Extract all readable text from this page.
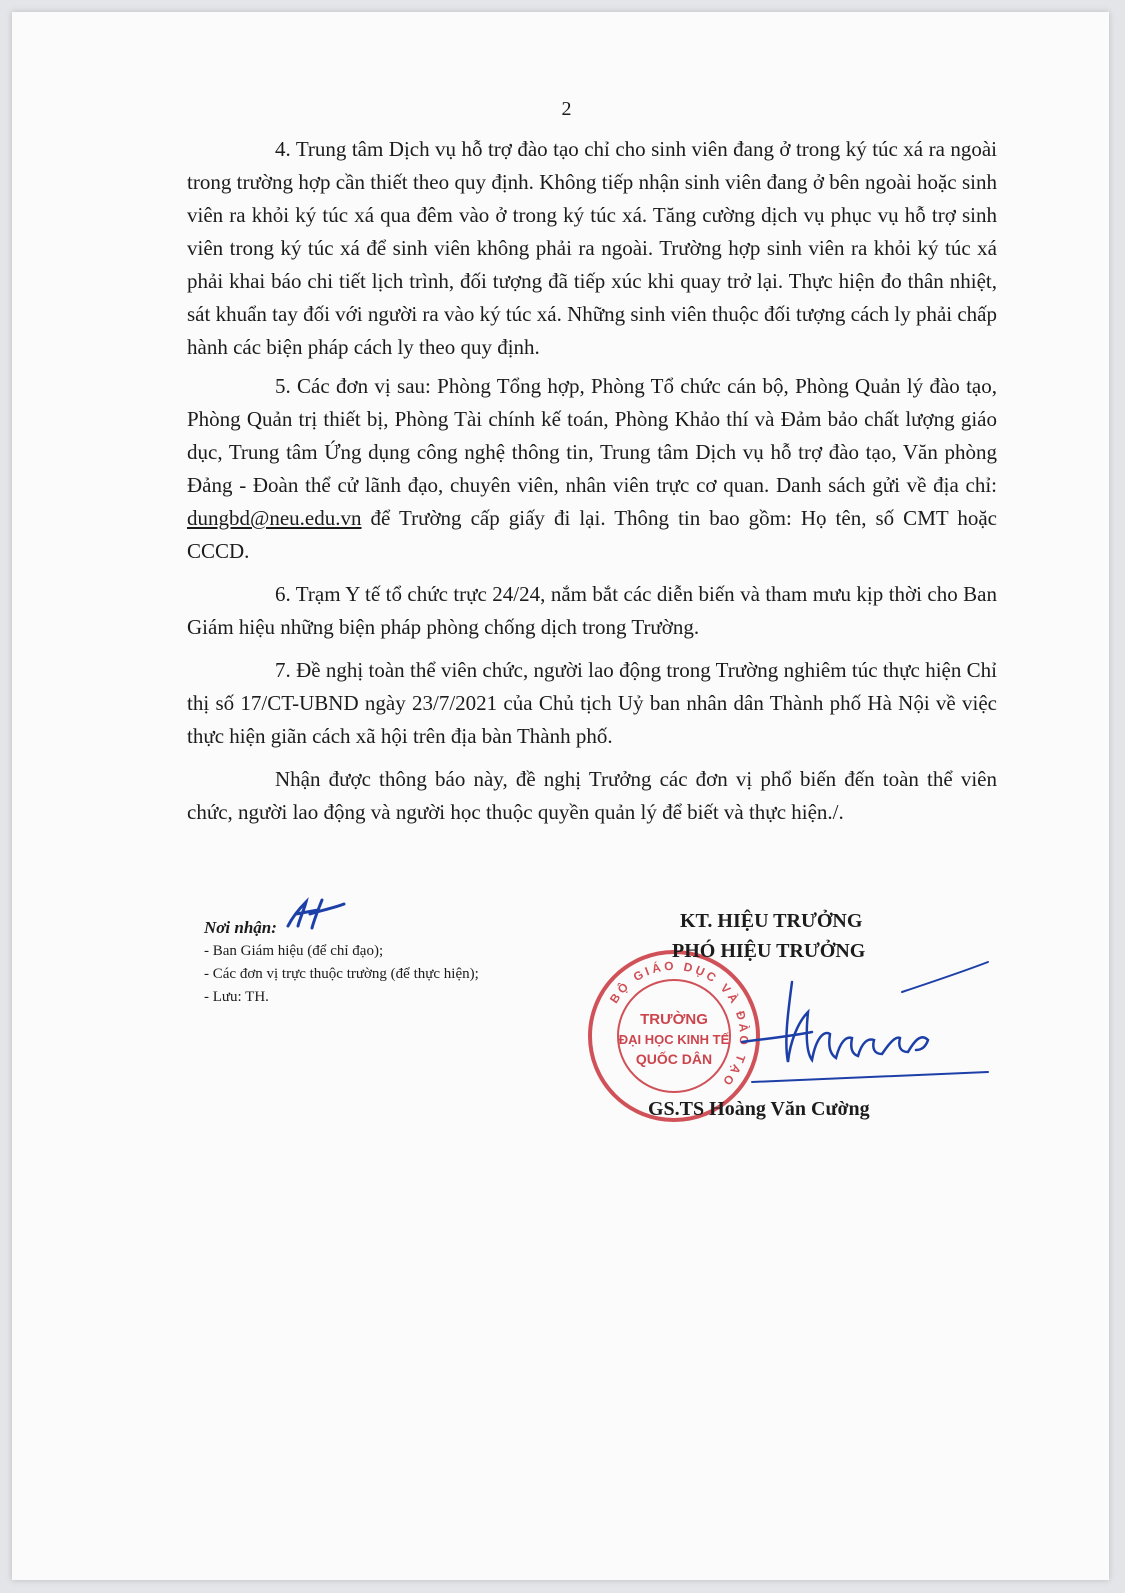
2

4. Trung tâm Dịch vụ hỗ trợ đào tạo chỉ cho sinh viên đang ở trong ký túc xá ra ngoài trong trường hợp cần thiết theo quy định. Không tiếp nhận sinh viên đang ở bên ngoài hoặc sinh viên ra khỏi ký túc xá qua đêm vào ở trong ký túc xá. Tăng cường dịch vụ phục vụ hỗ trợ sinh viên trong ký túc xá để sinh viên không phải ra ngoài. Trường hợp sinh viên ra khỏi ký túc xá phải khai báo chi tiết lịch trình, đối tượng đã tiếp xúc khi quay trở lại. Thực hiện đo thân nhiệt, sát khuẩn tay đối với người ra vào ký túc xá. Những sinh viên thuộc đối tượng cách ly phải chấp hành các biện pháp cách ly theo quy định.

5. Các đơn vị sau: Phòng Tổng hợp, Phòng Tổ chức cán bộ, Phòng Quản lý đào tạo, Phòng Quản trị thiết bị, Phòng Tài chính kế toán, Phòng Khảo thí và Đảm bảo chất lượng giáo dục, Trung tâm Ứng dụng công nghệ thông tin, Trung tâm Dịch vụ hỗ trợ đào tạo, Văn phòng Đảng - Đoàn thể cử lãnh đạo, chuyên viên, nhân viên trực cơ quan. Danh sách gửi về địa chỉ: dungbd@neu.edu.vn để Trường cấp giấy đi lại. Thông tin bao gồm: Họ tên, số CMT hoặc CCCD.

6. Trạm Y tế tổ chức trực 24/24, nắm bắt các diễn biến và tham mưu kịp thời cho Ban Giám hiệu những biện pháp phòng chống dịch trong Trường.

7. Đề nghị toàn thể viên chức, người lao động trong Trường nghiêm túc thực hiện Chỉ thị số 17/CT-UBND ngày 23/7/2021 của Chủ tịch Uỷ ban nhân dân Thành phố Hà Nội về việc thực hiện giãn cách xã hội trên địa bàn Thành phố.

Nhận được thông báo này, đề nghị Trưởng các đơn vị phổ biến đến toàn thể viên chức, người lao động và người học thuộc quyền quản lý để biết và thực hiện./.

Nơi nhận:
- Ban Giám hiệu (để chỉ đạo);
- Các đơn vị trực thuộc trường (để thực hiện);
- Lưu: TH.	BỘ GIÁO DỤC VÀ ĐÀO TẠO
TRƯỜNG
ĐẠI HỌC KINH TẾ
QUỐC DÂN
KT. HIỆU TRƯỞNG
PHÓ HIỆU TRƯỞNG
GS.TS Hoàng Văn Cường
